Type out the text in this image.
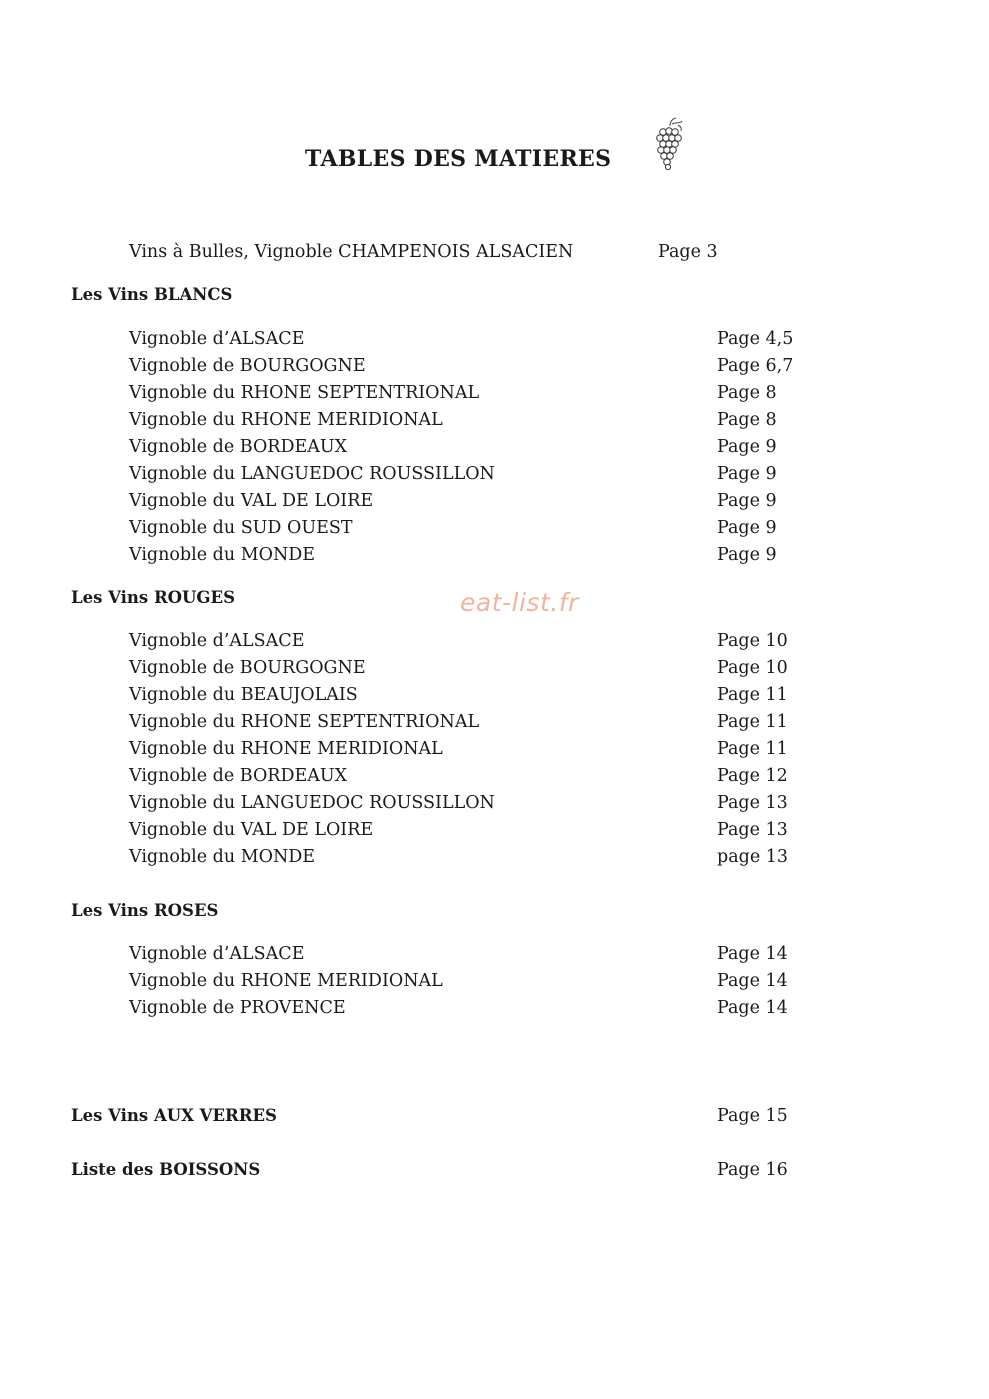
TABLES DES MATIERES
Vins à Bulles, Vignoble CHAMPENOIS ALSACIEN	Page 3
Les Vins BLANCS
Vignoble d’ALSACE	Page 4,5
Vignoble de BOURGOGNE	Page 6,7
Vignoble du RHONE SEPTENTRIONAL	Page 8
Vignoble du RHONE MERIDIONAL	Page 8
Vignoble de BORDEAUX	Page 9
Vignoble du LANGUEDOC ROUSSILLON	Page 9
Vignoble du VAL DE LOIRE	Page 9
Vignoble du SUD OUEST	Page 9
Vignoble du MONDE	Page 9
Les Vins ROUGES	eat-list.fr
Vignoble d’ALSACE	Page 10
Vignoble de BOURGOGNE	Page 10
Vignoble du BEAUJOLAIS	Page 11
Vignoble du RHONE SEPTENTRIONAL	Page 11
Vignoble du RHONE MERIDIONAL	Page 11
Vignoble de BORDEAUX	Page 12
Vignoble du LANGUEDOC ROUSSILLON	Page 13
Vignoble du VAL DE LOIRE	Page 13
Vignoble du MONDE	page 13
Les Vins ROSES
Vignoble d’ALSACE	Page 14
Vignoble du RHONE MERIDIONAL	Page 14
Vignoble de PROVENCE	Page 14
Les Vins AUX VERRES	Page 15
Liste des BOISSONS	Page 16
